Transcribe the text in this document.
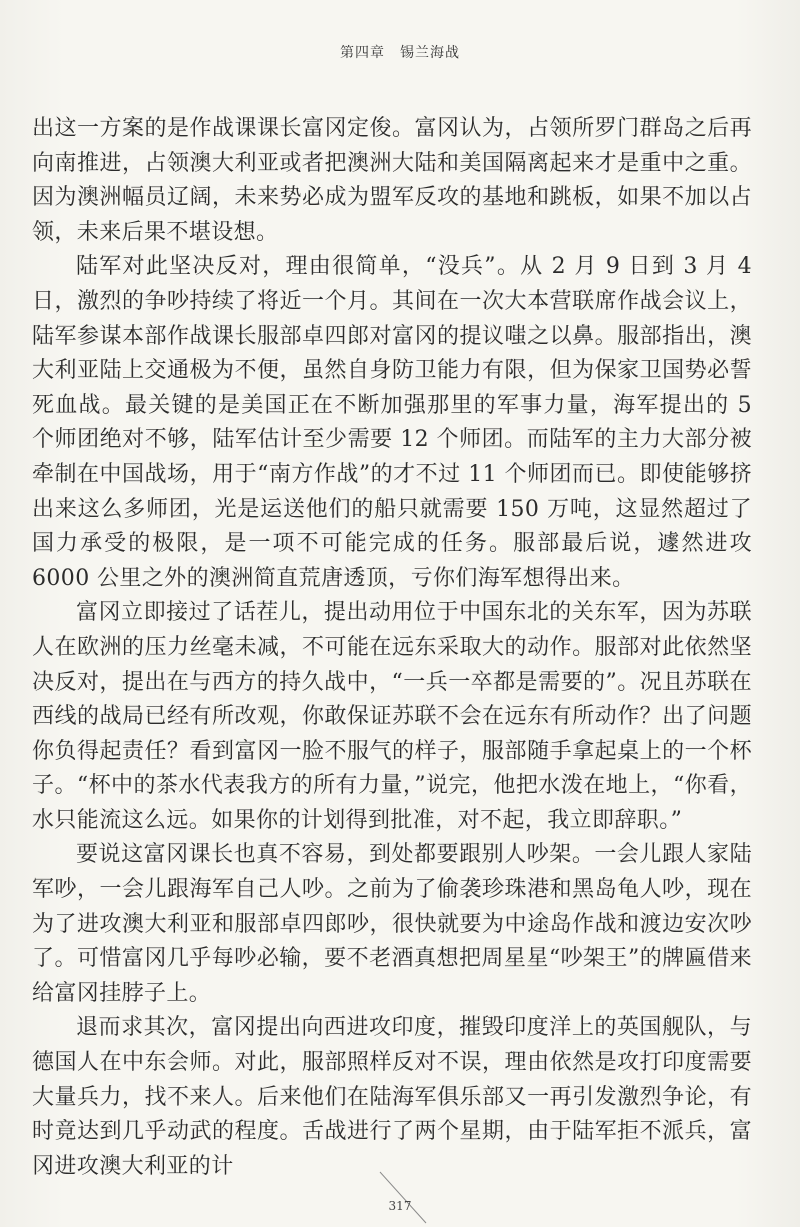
第四章　锡兰海战

出这一方案的是作战课课长富冈定俊。富冈认为，占领所罗门群岛之后再向南推进，占领澳大利亚或者把澳洲大陆和美国隔离起来才是重中之重。因为澳洲幅员辽阔，未来势必成为盟军反攻的基地和跳板，如果不加以占领，未来后果不堪设想。

陆军对此坚决反对，理由很简单，“没兵”。从 2 月 9 日到 3 月 4 日，激烈的争吵持续了将近一个月。其间在一次大本营联席作战会议上，陆军参谋本部作战课长服部卓四郎对富冈的提议嗤之以鼻。服部指出，澳大利亚陆上交通极为不便，虽然自身防卫能力有限，但为保家卫国势必誓死血战。最关键的是美国正在不断加强那里的军事力量，海军提出的 5 个师团绝对不够，陆军估计至少需要 12 个师团。而陆军的主力大部分被牵制在中国战场，用于“南方作战”的才不过 11 个师团而已。即使能够挤出来这么多师团，光是运送他们的船只就需要 150 万吨，这显然超过了国力承受的极限，是一项不可能完成的任务。服部最后说，遽然进攻 6000 公里之外的澳洲简直荒唐透顶，亏你们海军想得出来。

富冈立即接过了话茬儿，提出动用位于中国东北的关东军，因为苏联人在欧洲的压力丝毫未减，不可能在远东采取大的动作。服部对此依然坚决反对，提出在与西方的持久战中，“一兵一卒都是需要的”。况且苏联在西线的战局已经有所改观，你敢保证苏联不会在远东有所动作？出了问题你负得起责任？看到富冈一脸不服气的样子，服部随手拿起桌上的一个杯子。“杯中的茶水代表我方的所有力量，”说完，他把水泼在地上，“你看，水只能流这么远。如果你的计划得到批准，对不起，我立即辞职。”

要说这富冈课长也真不容易，到处都要跟别人吵架。一会儿跟人家陆军吵，一会儿跟海军自己人吵。之前为了偷袭珍珠港和黑岛龟人吵，现在为了进攻澳大利亚和服部卓四郎吵，很快就要为中途岛作战和渡边安次吵了。可惜富冈几乎每吵必输，要不老酒真想把周星星“吵架王”的牌匾借来给富冈挂脖子上。

退而求其次，富冈提出向西进攻印度，摧毁印度洋上的英国舰队，与德国人在中东会师。对此，服部照样反对不误，理由依然是攻打印度需要大量兵力，找不来人。后来他们在陆海军俱乐部又一再引发激烈争论，有时竟达到几乎动武的程度。舌战进行了两个星期，由于陆军拒不派兵，富冈进攻澳大利亚的计

317
